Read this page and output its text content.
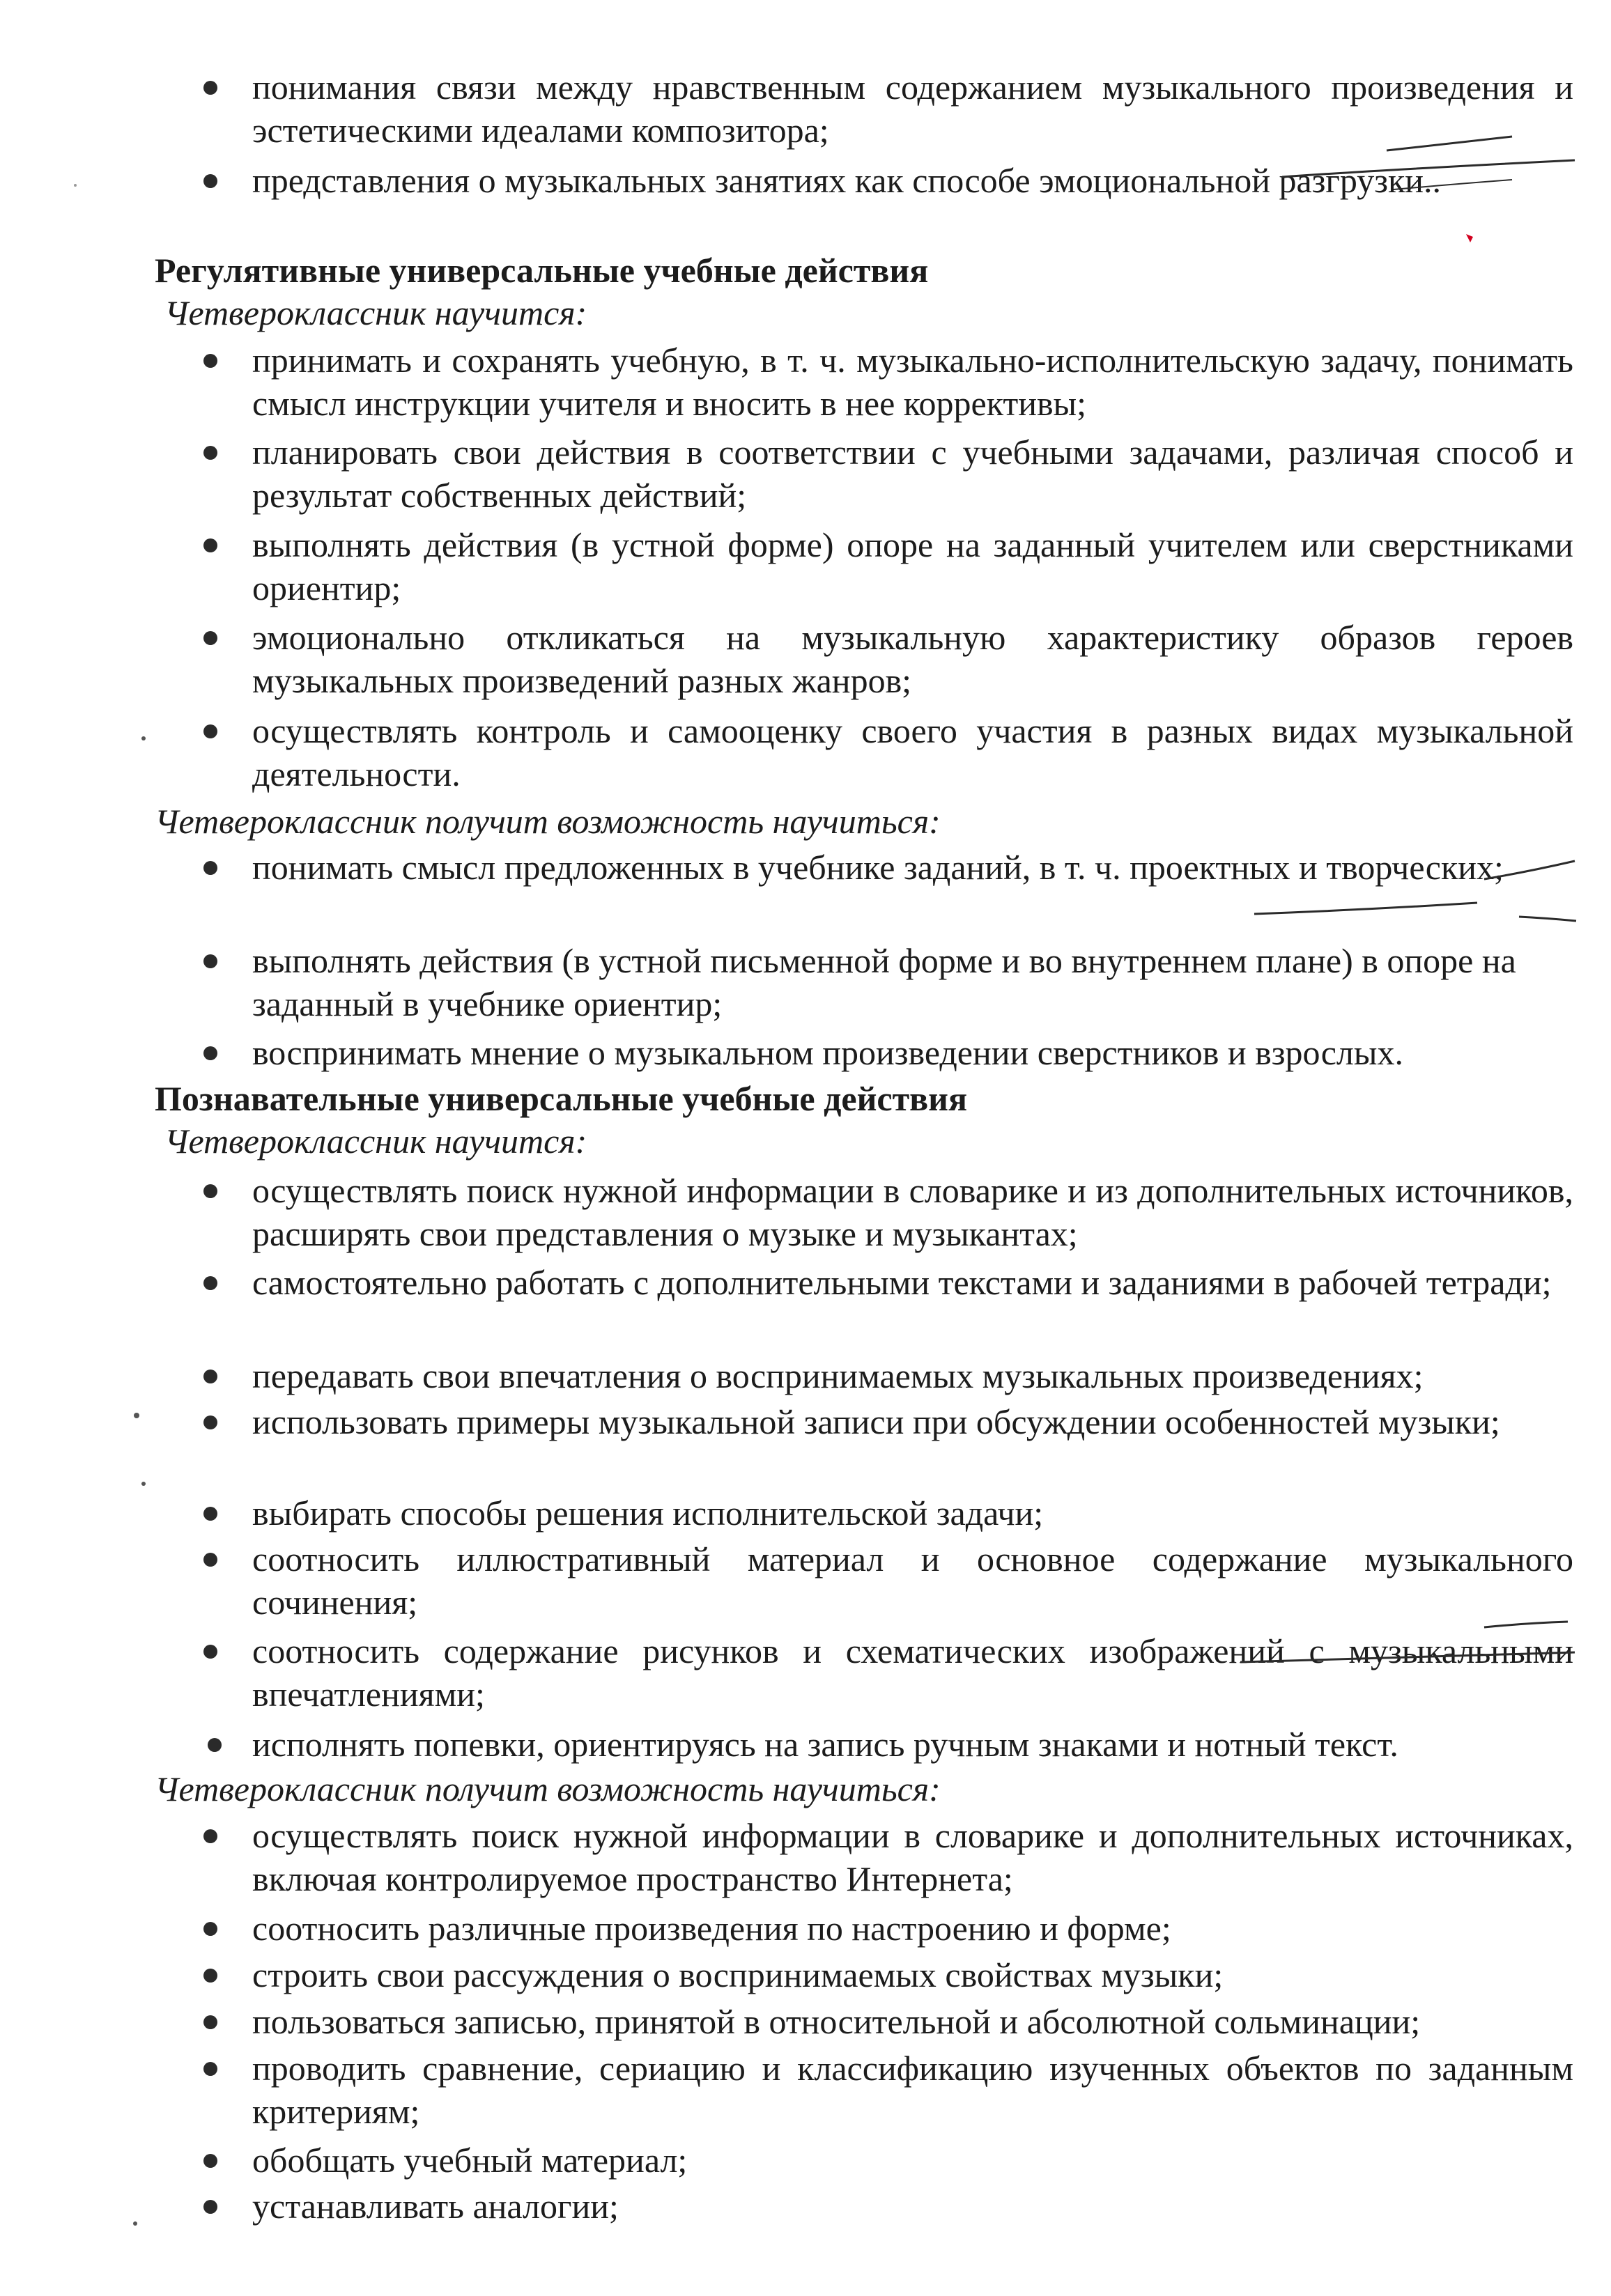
понимания связи между нравственным содержанием музыкального произведения и эстетическими идеалами композитора;
представления о музыкальных занятиях как способе эмоциональной разгрузки..
Регулятивные универсальные учебные действия
Четвероклассник научится:
принимать и сохранять учебную, в т. ч. музыкально-исполнительскую задачу, понимать смысл инструкции учителя и вносить в нее коррективы;
планировать свои действия в соответствии с учебными задачами, различая способ и результат собственных действий;
выполнять действия (в устной форме) опоре на заданный учителем или сверстниками ориентир;
эмоционально откликаться на музыкальную характеристику образов героев музыкальных произведений разных жанров;
осуществлять контроль и самооценку своего участия в разных видах музыкальной деятельности.
Четвероклассник получит возможность научиться:
понимать смысл предложенных в учебнике заданий, в т. ч. проектных и творческих;
выполнять действия (в устной письменной форме и во внутреннем плане) в опоре на заданный в учебнике ориентир;
воспринимать мнение о музыкальном произведении сверстников и взрослых.
Познавательные универсальные учебные действия
Четвероклассник научится:
осуществлять поиск нужной информации в словарике и из дополнительных источников, расширять свои представления о музыке и музыкантах;
самостоятельно работать с дополнительными текстами и заданиями в рабочей тетради;
передавать свои впечатления о воспринимаемых музыкальных произведениях;
использовать примеры музыкальной записи при обсуждении особенностей музыки;
выбирать способы решения исполнительской задачи;
соотносить иллюстративный материал и основное содержание музыкального сочинения;
соотносить содержание рисунков и схематических изображений с музыкальными впечатлениями;
исполнять попевки, ориентируясь на запись ручным знаками и нотный текст.
Четвероклассник получит возможность научиться:
осуществлять поиск нужной информации в словарике и дополнительных источниках, включая контролируемое пространство Интернета;
соотносить различные произведения по настроению и форме;
строить свои рассуждения о воспринимаемых свойствах музыки;
пользоваться записью, принятой в относительной и абсолютной сольминации;
проводить сравнение, сериацию и классификацию изученных объектов по заданным критериям;
обобщать учебный материал;
устанавливать аналогии;
